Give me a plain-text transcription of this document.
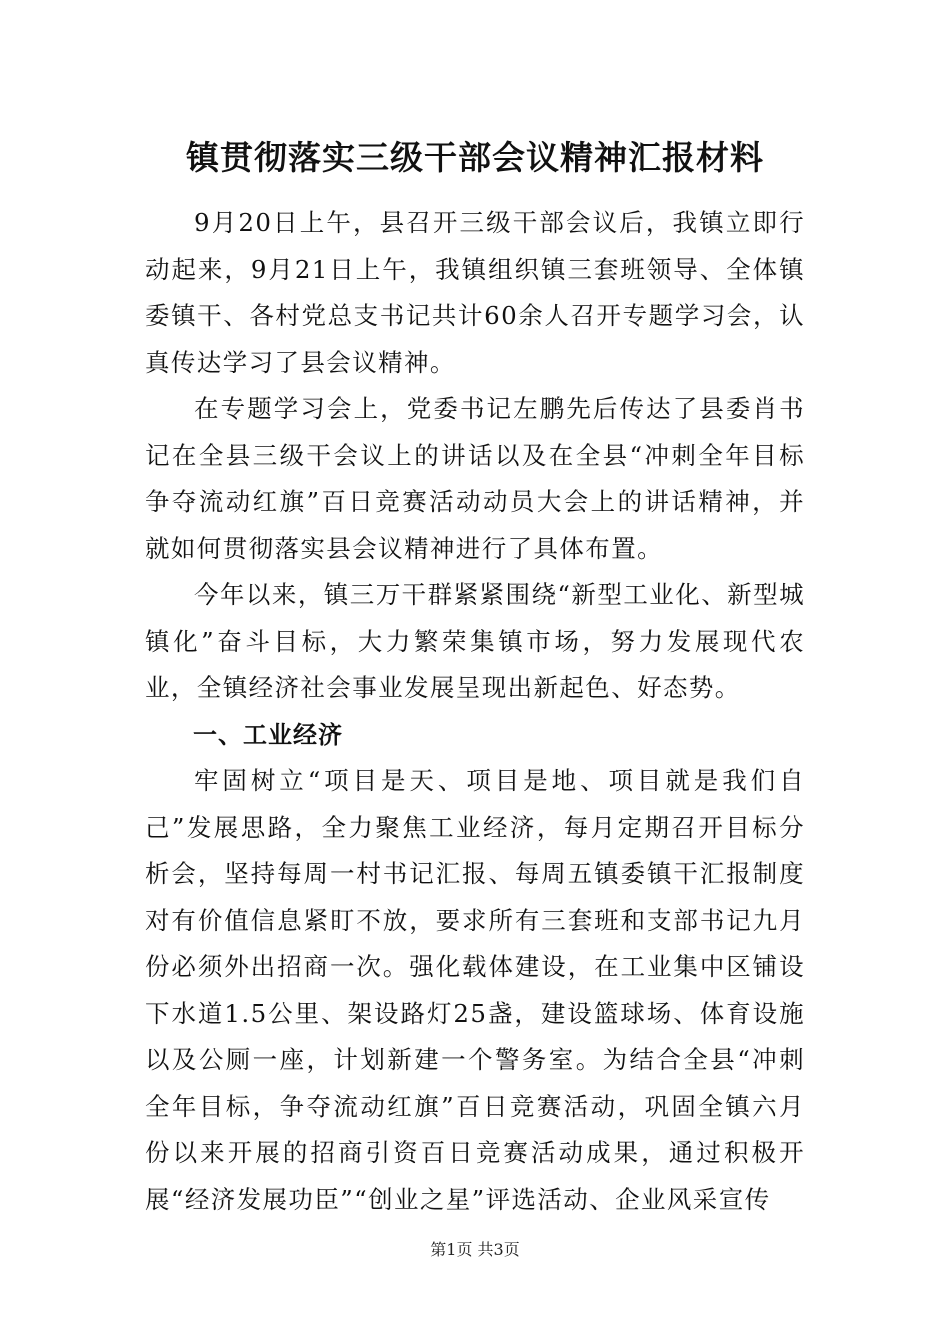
镇贯彻落实三级干部会议精神汇报材料

9月20日上午，县召开三级干部会议后，我镇立即行动起来，9月21日上午，我镇组织镇三套班领导、全体镇委镇干、各村党总支书记共计60余人召开专题学习会，认真传达学习了县会议精神。

在专题学习会上，党委书记左鹏先后传达了县委肖书记在全县三级干会议上的讲话以及在全县“冲刺全年目标争夺流动红旗”百日竞赛活动动员大会上的讲话精神，并就如何贯彻落实县会议精神进行了具体布置。

今年以来，镇三万干群紧紧围绕“新型工业化、新型城镇化”奋斗目标，大力繁荣集镇市场，努力发展现代农业，全镇经济社会事业发展呈现出新起色、好态势。

一、工业经济

牢固树立“项目是天、项目是地、项目就是我们自己”发展思路，全力聚焦工业经济，每月定期召开目标分析会，坚持每周一村书记汇报、每周五镇委镇干汇报制度对有价值信息紧盯不放，要求所有三套班和支部书记九月份必须外出招商一次。强化载体建设，在工业集中区铺设下水道1.5公里、架设路灯25盏，建设篮球场、体育设施以及公厕一座，计划新建一个警务室。为结合全县“冲刺全年目标，争夺流动红旗”百日竞赛活动，巩固全镇六月份以来开展的招商引资百日竞赛活动成果，通过积极开展“经济发展功臣”“创业之星”评选活动、企业风采宣传

第1页 共3页
